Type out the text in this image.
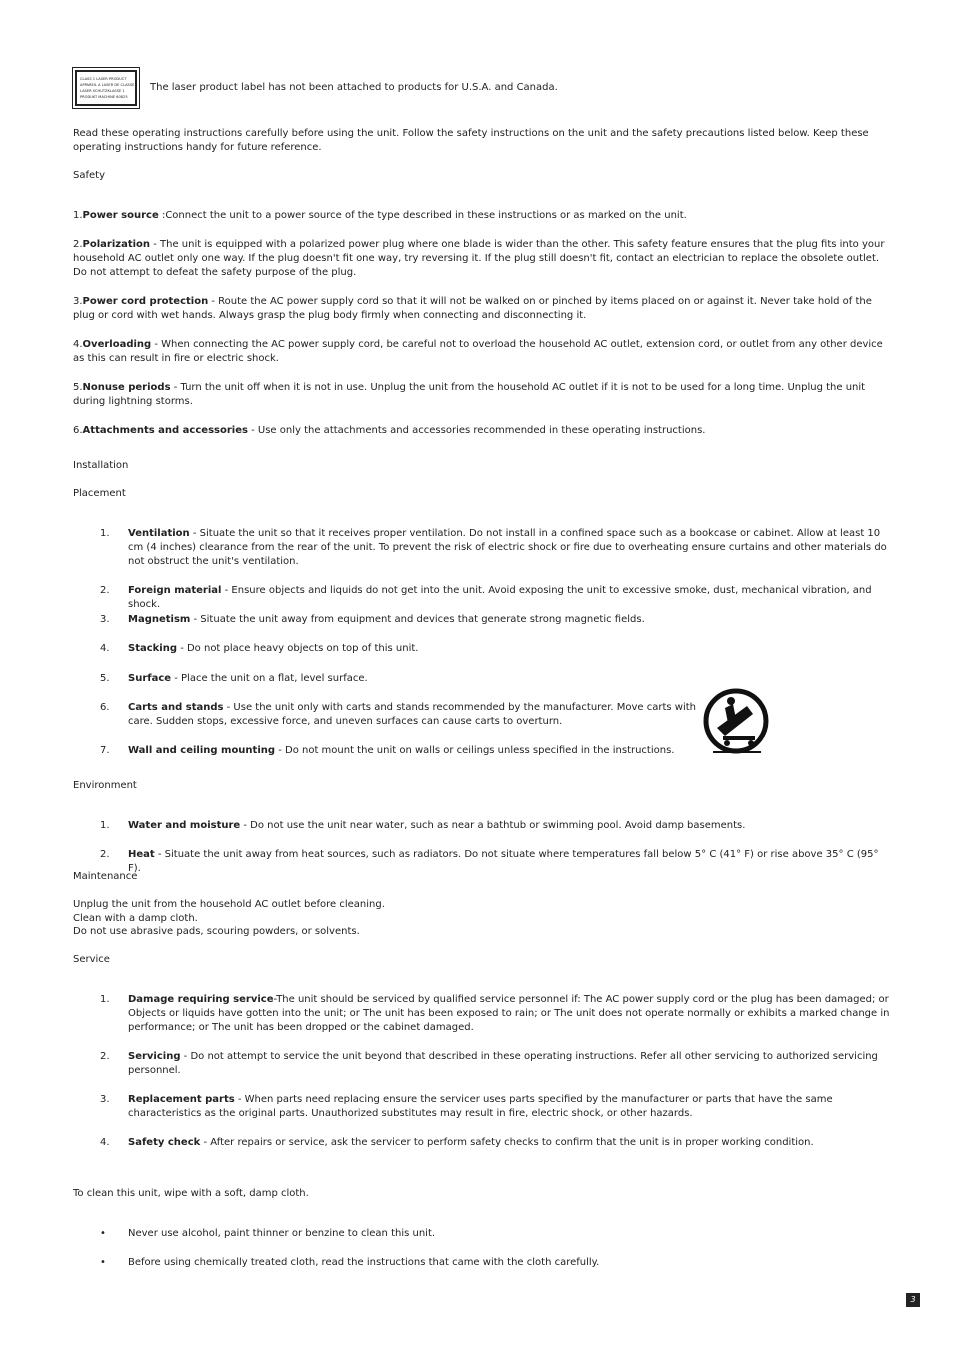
CLASS 1 LASER PRODUCT
APPAREIL A LASER DE CLASSE 1
LASER SCHUTZKLASSE 1
PRODUKT MACHINE 60825
The laser product label has not been attached to products for U.S.A. and Canada.
Read these operating instructions carefully before using the unit. Follow the safety instructions on the unit and the safety precautions listed below. Keep these operating instructions handy for future reference.
Safety
1.Power source :Connect the unit to a power source of the type described in these instructions or as marked on the unit.
2.Polarization - The unit is equipped with a polarized power plug where one blade is wider than the other. This safety feature ensures that the plug fits into your household AC outlet only one way. If the plug doesn't fit one way, try reversing it. If the plug still doesn't fit, contact an electrician to replace the obsolete outlet. Do not attempt to defeat the safety purpose of the plug.
3.Power cord protection - Route the AC power supply cord so that it will not be walked on or pinched by items placed on or against it. Never take hold of the plug or cord with wet hands. Always grasp the plug body firmly when connecting and disconnecting it.
4.Overloading - When connecting the AC power supply cord, be careful not to overload the household AC outlet, extension cord, or outlet from any other device as this can result in fire or electric shock.
5.Nonuse periods - Turn the unit off when it is not in use. Unplug the unit from the household AC outlet if it is not to be used for a long time. Unplug the unit during lightning storms.
6.Attachments and accessories - Use only the attachments and accessories recommended in these operating instructions.
Installation
Placement
1.	Ventilation - Situate the unit so that it receives proper ventilation. Do not install in a confined space such as a bookcase or cabinet. Allow at least 10 cm (4 inches) clearance from the rear of the unit. To prevent the risk of electric shock or fire due to overheating ensure curtains and other materials do not obstruct the unit's ventilation.
2.	Foreign material - Ensure objects and liquids do not get into the unit. Avoid exposing the unit to excessive smoke, dust, mechanical vibration, and shock.
3.	Magnetism - Situate the unit away from equipment and devices that generate strong magnetic fields.
4.	Stacking - Do not place heavy objects on top of this unit.
5.	Surface - Place the unit on a flat, level surface.
6.	Carts and stands - Use the unit only with carts and stands recommended by the manufacturer. Move carts with care. Sudden stops, excessive force, and uneven surfaces can cause carts to overturn.
7.	Wall and ceiling mounting - Do not mount the unit on walls or ceilings unless specified in the instructions.
Environment
1.	Water and moisture - Do not use the unit near water, such as near a bathtub or swimming pool. Avoid damp basements.
2.	Heat - Situate the unit away from heat sources, such as radiators. Do not situate where temperatures fall below 5° C (41° F) or rise above 35° C (95° F).
Maintenance
Unplug the unit from the household AC outlet before cleaning.
Clean with a damp cloth.
Do not use abrasive pads, scouring powders, or solvents.
Service
1.	Damage requiring service-The unit should be serviced by qualified service personnel if: The AC power supply cord or the plug has been damaged; or Objects or liquids have gotten into the unit; or The unit has been exposed to rain; or The unit does not operate normally or exhibits a marked change in performance; or The unit has been dropped or the cabinet damaged.
2.	Servicing - Do not attempt to service the unit beyond that described in these operating instructions. Refer all other servicing to authorized servicing personnel.
3.	Replacement parts - When parts need replacing ensure the servicer uses parts specified by the manufacturer or parts that have the same characteristics as the original parts. Unauthorized substitutes may result in fire, electric shock, or other hazards.
4.	Safety check - After repairs or service, ask the servicer to perform safety checks to confirm that the unit is in proper working condition.
To clean this unit, wipe with a soft, damp cloth.
• Never use alcohol, paint thinner or benzine to clean this unit.
• Before using chemically treated cloth, read the instructions that came with the cloth carefully.
3
